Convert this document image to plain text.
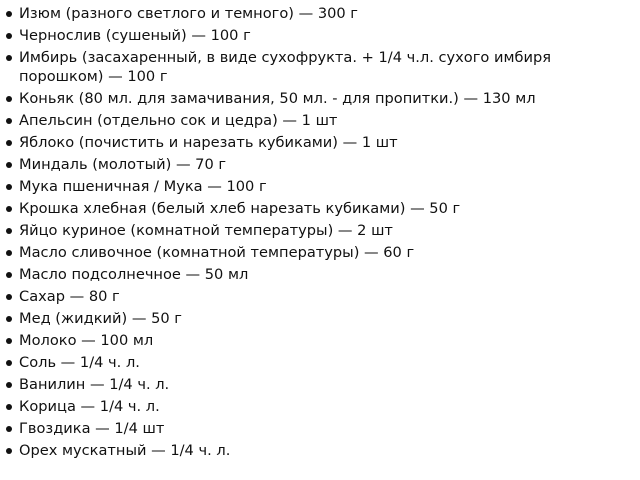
Изюм (разного светлого и темного) — 300 г
Чернослив (сушеный) — 100 г
Имбирь (засахаренный, в виде сухофрукта. + 1/4 ч.л. сухого имбиря порошком) — 100 г
Коньяк (80 мл. для замачивания, 50 мл. - для пропитки.) — 130 мл
Апельсин (отдельно сок и цедра) — 1 шт
Яблоко (почистить и нарезать кубиками) — 1 шт
Миндаль (молотый) — 70 г
Мука пшеничная / Мука — 100 г
Крошка хлебная (белый хлеб нарезать кубиками) — 50 г
Яйцо куриное (комнатной температуры) — 2 шт
Масло сливочное (комнатной температуры) — 60 г
Масло подсолнечное — 50 мл
Сахар — 80 г
Мед (жидкий) — 50 г
Молоко — 100 мл
Соль — 1/4 ч. л.
Ванилин — 1/4 ч. л.
Корица — 1/4 ч. л.
Гвоздика — 1/4 шт
Орех мускатный — 1/4 ч. л.
